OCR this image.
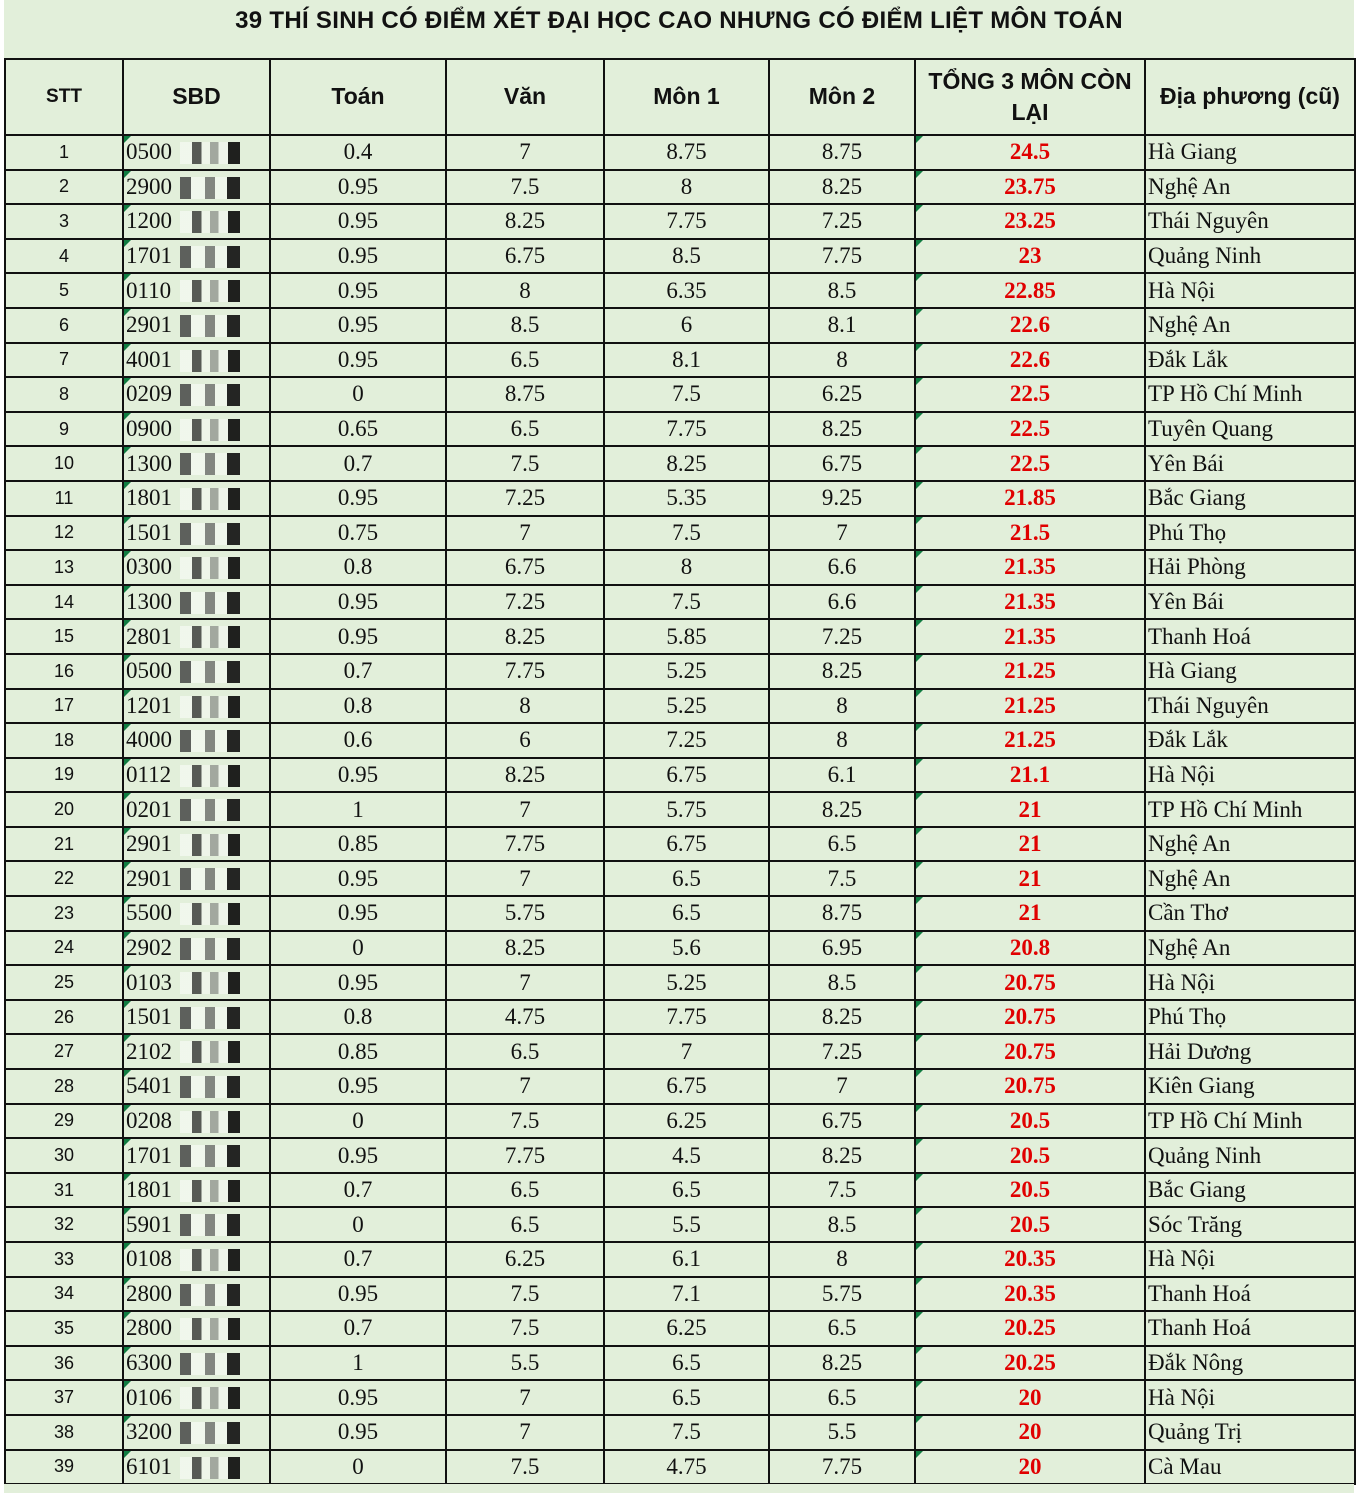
39 THÍ SINH CÓ ĐIỂM XÉT ĐẠI HỌC CAO NHƯNG CÓ ĐIỂM LIỆT MÔN TOÁN
STT	SBD	Toán	Văn	Môn 1	Môn 2	TỔNG 3 MÔN CÒN LẠI	Địa phương (cũ)
1	0500	0.4	7	8.75	8.75	24.5	Hà Giang
2	2900	0.95	7.5	8	8.25	23.75	Nghệ An
3	1200	0.95	8.25	7.75	7.25	23.25	Thái Nguyên
4	1701	0.95	6.75	8.5	7.75	23	Quảng Ninh
5	0110	0.95	8	6.35	8.5	22.85	Hà Nội
6	2901	0.95	8.5	6	8.1	22.6	Nghệ An
7	4001	0.95	6.5	8.1	8	22.6	Đắk Lắk
8	0209	0	8.75	7.5	6.25	22.5	TP Hồ Chí Minh
9	0900	0.65	6.5	7.75	8.25	22.5	Tuyên Quang
10	1300	0.7	7.5	8.25	6.75	22.5	Yên Bái
11	1801	0.95	7.25	5.35	9.25	21.85	Bắc Giang
12	1501	0.75	7	7.5	7	21.5	Phú Thọ
13	0300	0.8	6.75	8	6.6	21.35	Hải Phòng
14	1300	0.95	7.25	7.5	6.6	21.35	Yên Bái
15	2801	0.95	8.25	5.85	7.25	21.35	Thanh Hoá
16	0500	0.7	7.75	5.25	8.25	21.25	Hà Giang
17	1201	0.8	8	5.25	8	21.25	Thái Nguyên
18	4000	0.6	6	7.25	8	21.25	Đắk Lắk
19	0112	0.95	8.25	6.75	6.1	21.1	Hà Nội
20	0201	1	7	5.75	8.25	21	TP Hồ Chí Minh
21	2901	0.85	7.75	6.75	6.5	21	Nghệ An
22	2901	0.95	7	6.5	7.5	21	Nghệ An
23	5500	0.95	5.75	6.5	8.75	21	Cần Thơ
24	2902	0	8.25	5.6	6.95	20.8	Nghệ An
25	0103	0.95	7	5.25	8.5	20.75	Hà Nội
26	1501	0.8	4.75	7.75	8.25	20.75	Phú Thọ
27	2102	0.85	6.5	7	7.25	20.75	Hải Dương
28	5401	0.95	7	6.75	7	20.75	Kiên Giang
29	0208	0	7.5	6.25	6.75	20.5	TP Hồ Chí Minh
30	1701	0.95	7.75	4.5	8.25	20.5	Quảng Ninh
31	1801	0.7	6.5	6.5	7.5	20.5	Bắc Giang
32	5901	0	6.5	5.5	8.5	20.5	Sóc Trăng
33	0108	0.7	6.25	6.1	8	20.35	Hà Nội
34	2800	0.95	7.5	7.1	5.75	20.35	Thanh Hoá
35	2800	0.7	7.5	6.25	6.5	20.25	Thanh Hoá
36	6300	1	5.5	6.5	8.25	20.25	Đắk Nông
37	0106	0.95	7	6.5	6.5	20	Hà Nội
38	3200	0.95	7	7.5	5.5	20	Quảng Trị
39	6101	0	7.5	4.75	7.75	20	Cà Mau
